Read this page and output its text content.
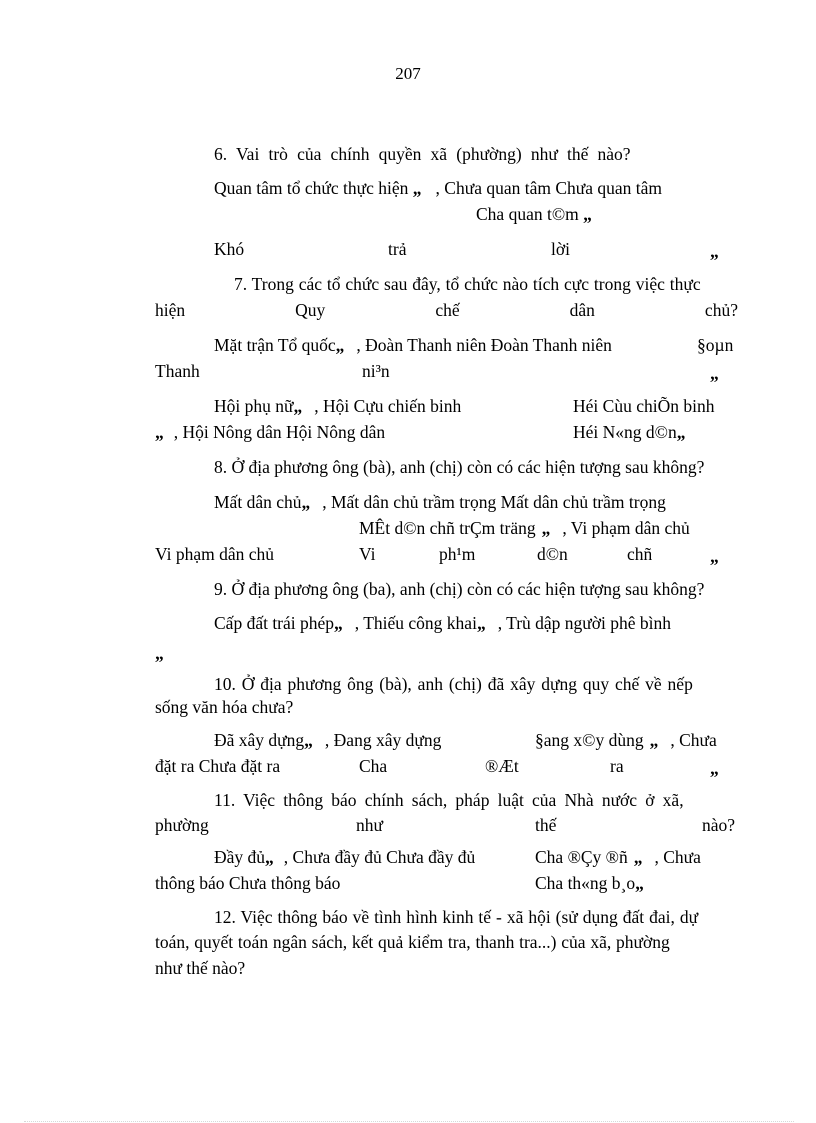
207
6. Vai trò của chính quyền xã (phường) như thế nào?
Quan tâm tổ chức thực hiện „ , Chưa quan tâm Chưa quan tâm
Cha quan t©m „
Khó	trả	lời	„
7. Trong các tổ chức sau đây, tổ chức nào tích cực trong việc thực
hiện	Quy	chế	dân	chủ?
Mặt trận Tổ quốc„ , Đoàn Thanh niên Đoàn Thanh niên	§oµn
Thanh	ni³n	„
Hội phụ nữ„ , Hội Cựu chiến binh	Héi Cùu chiÕn binh
„ , Hội Nông dân Hội Nông dân	Héi N«ng d©n„
8. Ở địa phương ông (bà), anh (chị) còn có các hiện tượng sau không?
Mất dân chủ„ , Mất dân chủ trầm trọng Mất dân chủ trầm trọng
MÊt d©n chñ trÇm träng „ , Vi phạm dân chủ
Vi phạm dân chủ	Vi	ph¹m	d©n	chñ	„
9. Ở địa phương ông (ba), anh (chị) còn có các hiện tượng sau không?
Cấp đất trái phép„ , Thiếu công khai„ , Trù dập người phê bình
„
10. Ở địa phương ông (bà), anh (chị) đã xây dựng quy chế về nếp
sống văn hóa chưa?
Đã xây dựng„ , Đang xây dựng	§ang x©y dùng „ , Chưa
đặt ra Chưa đặt ra	Cha	®Æt	ra	„
11. Việc thông báo chính sách, pháp luật của Nhà nước ở xã,
phường	như	thế	nào?
Đầy đủ„ , Chưa đầy đủ Chưa đầy đủ	Cha ®Çy ®ñ „ , Chưa
thông báo Chưa thông báo	Cha th«ng b¸o„
12. Việc thông báo về tình hình kinh tế - xã hội (sử dụng đất đai, dự
toán, quyết toán ngân sách, kết quả kiểm tra, thanh tra...) của xã, phường
như thế nào?
